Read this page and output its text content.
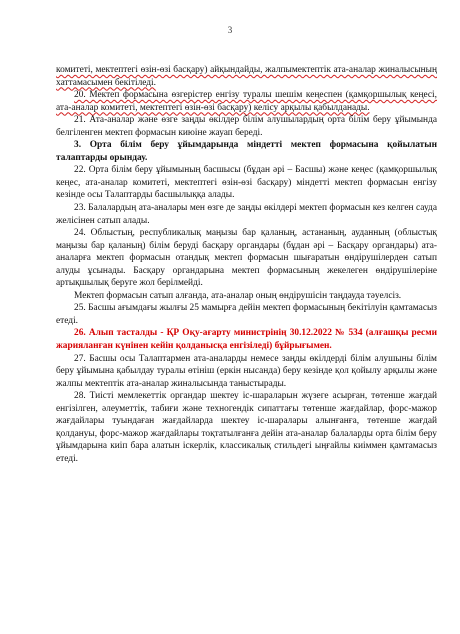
3

комитеті, мектептегі өзін-өзі басқару) айқындайды, жалпымектептік ата-аналар жиналысының хаттамасымен бекітіледі.

20. Мектеп формасына өзгерістер енгізу туралы шешім кеңеспен (қамқоршылық кеңесі, ата-аналар комитеті, мектептегі өзін-өзі басқару) келісу арқылы қабылданады.

21. Ата-аналар және өзге заңды өкілдер білім алушылардың орта білім беру ұйымында белгіленген мектеп формасын киюіне жауап береді.

3. Орта білім беру ұйымдарында міндетті мектеп формасына қойылатын талаптарды орындау.

22. Орта білім беру ұйымының басшысы (бұдан әрі – Басшы) және кеңес (қамқоршылық кеңес, ата-аналар комитеті, мектептегі өзін-өзі басқару) міндетті мектеп формасын енгізу кезінде осы Талаптарды басшылыққа алады.

23. Балалардың ата-аналары мен өзге де заңды өкілдері мектеп формасын кез келген сауда желісінен сатып алады.

24. Облыстың, республикалық маңызы бар қаланың, астананың, ауданның (облыстық маңызы бар қаланың) білім беруді басқару органдары (бұдан әрі – Басқару органдары) ата-аналарға мектеп формасын отандық мектеп формасын шығаратын өндірушілерден сатып алуды ұсынады. Басқару органдарына мектеп формасының жекелеген өндірушілеріне артықшылық беруге жол берілмейді.

Мектеп формасын сатып алғанда, ата-аналар оның өндірушісін таңдауда тәуелсіз.

25. Басшы ағымдағы жылғы 25 мамырға дейін мектеп формасының беκітілуін қамтамасыз етеді.

26. Алып тасталды - ҚР Оқу-ағарту министрінің 30.12.2022 № 534 (алғашқы ресми жарияланған күнінен кейін қолданысқа енгізіледі) бұйрығымен.

27. Басшы осы Талаптармен ата-аналарды немесе заңды өкілдерді білім алушыны білім беру ұйымына қабылдау туралы өтініш (еркін нысанда) беру кезінде қол қойылу арқылы және жалпы мектептік ата-аналар жиналысында таныстырады.

28. Тиісті мемлекеттік органдар шектеу іс-шараларын жүзеге асырған, төтенше жағдай енгізілген, әлеуметтік, табиғи және техногендік сипаттағы төтенше жағдайлар, форс-мажор жағдайлары туындаған жағдайларда шектеу іс-шаралары алынғанға, төтенше жағдай қолдануы, форс-мажор жағдайлары тоқтатылғанға дейін ата-аналар балаларды орта білім беру ұйымдарына киіп бара алатын іскерлік, классикалық стильдегі ыңғайлы киіммен қамтамасыз етеді.
